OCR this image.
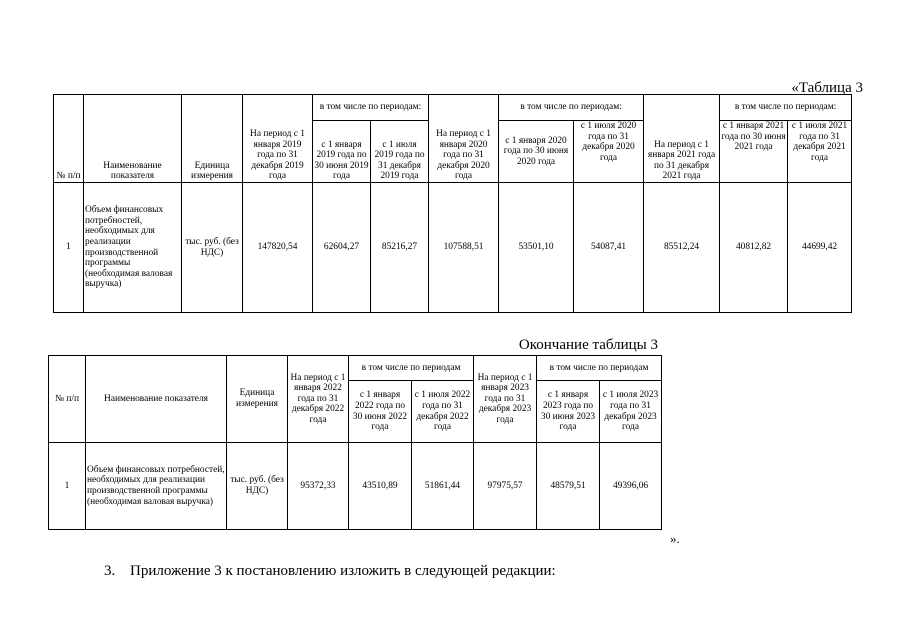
«Таблица 3
№ п/п	Наименование показателя	Единица измерения	На период с 1 января 2019 года по 31 декабря 2019 года	в том числе по периодам:		На период с 1 января 2020 года по 31 декабря 2020 года	в том числе по периодам:		На период с 1 января 2021 года по 31 декабря 2021 года	в том числе по периодам:	
				с 1 января 2019 года по 30 июня 2019 года	с 1 июля 2019 года по 31 декабря 2019 года		с 1 января 2020 года по 30 июня 2020 года	с 1 июля 2020 года по 31 декабря 2020 года		с 1 января 2021 года по 30 июня 2021 года	с 1 июля 2021 года по 31 декабря 2021 года
1	Объем финансовых потребностей, необходимых для реализации производственной программы (необходимая валовая выручка)	тыс. руб. (без НДС)	147820,54	62604,27	85216,27	107588,51	53501,10	54087,41	85512,24	40812,82	44699,42
Окончание таблицы 3
№ п/п	Наименование показателя	Единица измерения	На период с 1 января 2022 года по 31 декабря 2022 года	в том числе по периодам		На период с 1 января 2023 года по 31 декабря 2023 года	в том числе по периодам	
				с 1 января 2022 года по 30 июня 2022 года	с 1 июля 2022 года по 31 декабря 2022 года		с 1 января 2023 года по 30 июня 2023 года	с 1 июля 2023 года по 31 декабря 2023 года
1	Объем финансовых потребностей, необходимых для реализации производственной программы (необходимая валовая выручка)	тыс. руб. (без НДС)	95372,33	43510,89	51861,44	97975,57	48579,51	49396,06
».
3. Приложение 3 к постановлению изложить в следующей редакции:
